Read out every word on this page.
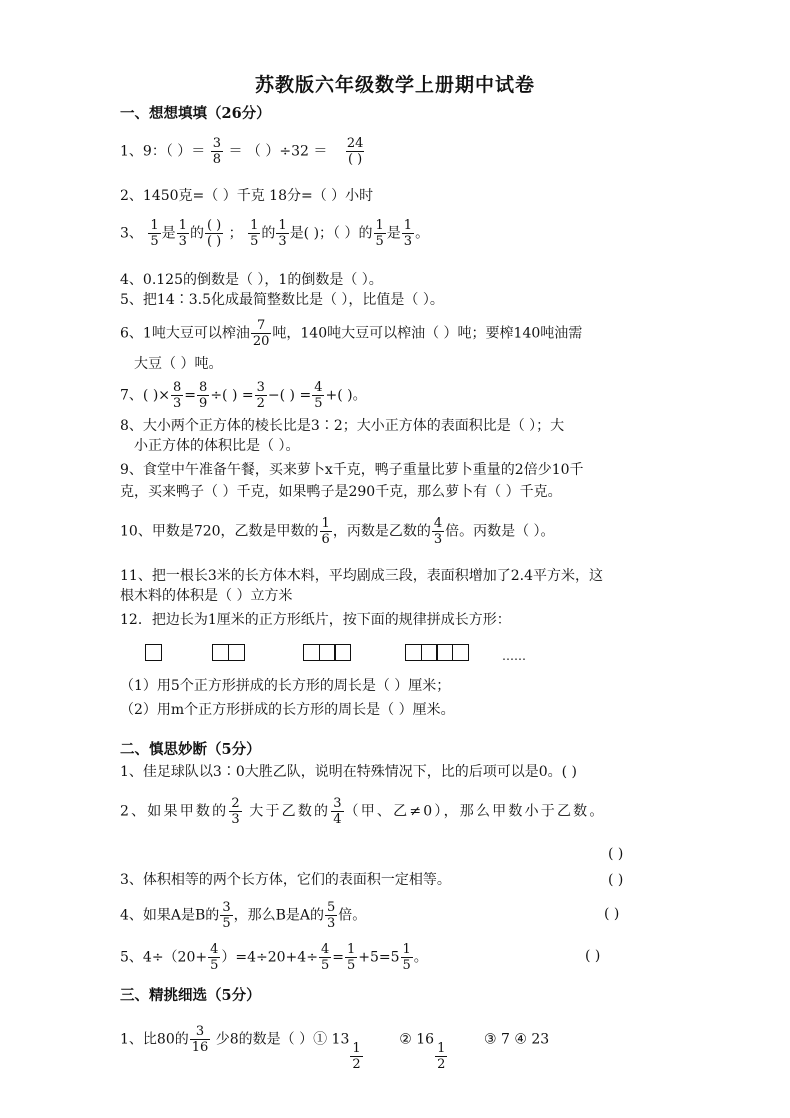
苏教版六年级数学上册期中试卷
一、想想填填（26分）
1、9：（ ）＝ $\frac{3}{8}$ ＝ （ ）$\div 32 = \frac{24}{( )}$
2、1450克=（ ）千克 18分=（ ）小时
3、 $\frac{1}{5}$ 是 $\frac{1}{3}$ 的 $\frac{( )}{( )}$ ； $\frac{1}{5}$ 的 $\frac{1}{3}$ 是( )；（ ）的 $\frac{1}{5}$ 是 $\frac{1}{3}$ 。
4、0.125的倒数是（ ），1的倒数是（ ）。
5、把14∶3.5化成最简整数比是（ ），比值是（ ）。
6、1吨大豆可以榨油 $\frac{7}{20}$ 吨，140吨大豆可以榨油（ ）吨；要榨140吨油需
大豆（ ）吨。
7、( )× $\frac{8}{3} = \frac{8}{9}$ ÷( ) = $\frac{3}{2}$ −( ) = $\frac{4}{5}$ +( )。
8、大小两个正方体的棱长比是3∶2；大小正方体的表面积比是（ ）；大
小正方体的体积比是（ ）。
9、食堂中午准备午餐，买来萝卜x千克，鸭子重量比萝卜重量的2倍少10千
克，买来鸭子（ ）千克，如果鸭子是290千克，那么萝卜有（ ）千克。
10、甲数是720，乙数是甲数的 $\frac{1}{6}$ ，丙数是乙数的 $\frac{4}{3}$ 倍。丙数是（ ）。
11、把一根长3米的长方体木料，平均剧成三段，表面积增加了2.4平方米，这
根木料的体积是（ ）立方米
12．把边长为1厘米的正方形纸片，按下面的规律拼成长方形：
……
（1）用5个正方形拼成的长方形的周长是（ ）厘米；
（2）用m个正方形拼成的长方形的周长是（ ）厘米。
二、慎思妙断（5分）
1、佳足球队以3∶0大胜乙队，说明在特殊情况下，比的后项可以是0。( )
2、如果甲数的 $\frac{2}{3}$ 大于乙数的 $\frac{3}{4}$ （甲、乙≠0），那么甲数小于乙数。
( )
3、体积相等的两个长方体，它们的表面积一定相等。	( )
4、如果A是B的 $\frac{3}{5}$ ，那么B是A的 $\frac{5}{3}$ 倍。	( )
5、$4\div(20+ \frac{4}{5} )=4\div 20+4\div \frac{4}{5} = \frac{1}{5} +5=5 \frac{1}{5}$ 。	( )
三、精挑细选（5分）
1、比80的 $\frac{3}{16}$ 少8的数是（ ）① 13
$\frac{1}{2}$
② 16
$\frac{1}{2}$
③ 7 ④ 23
